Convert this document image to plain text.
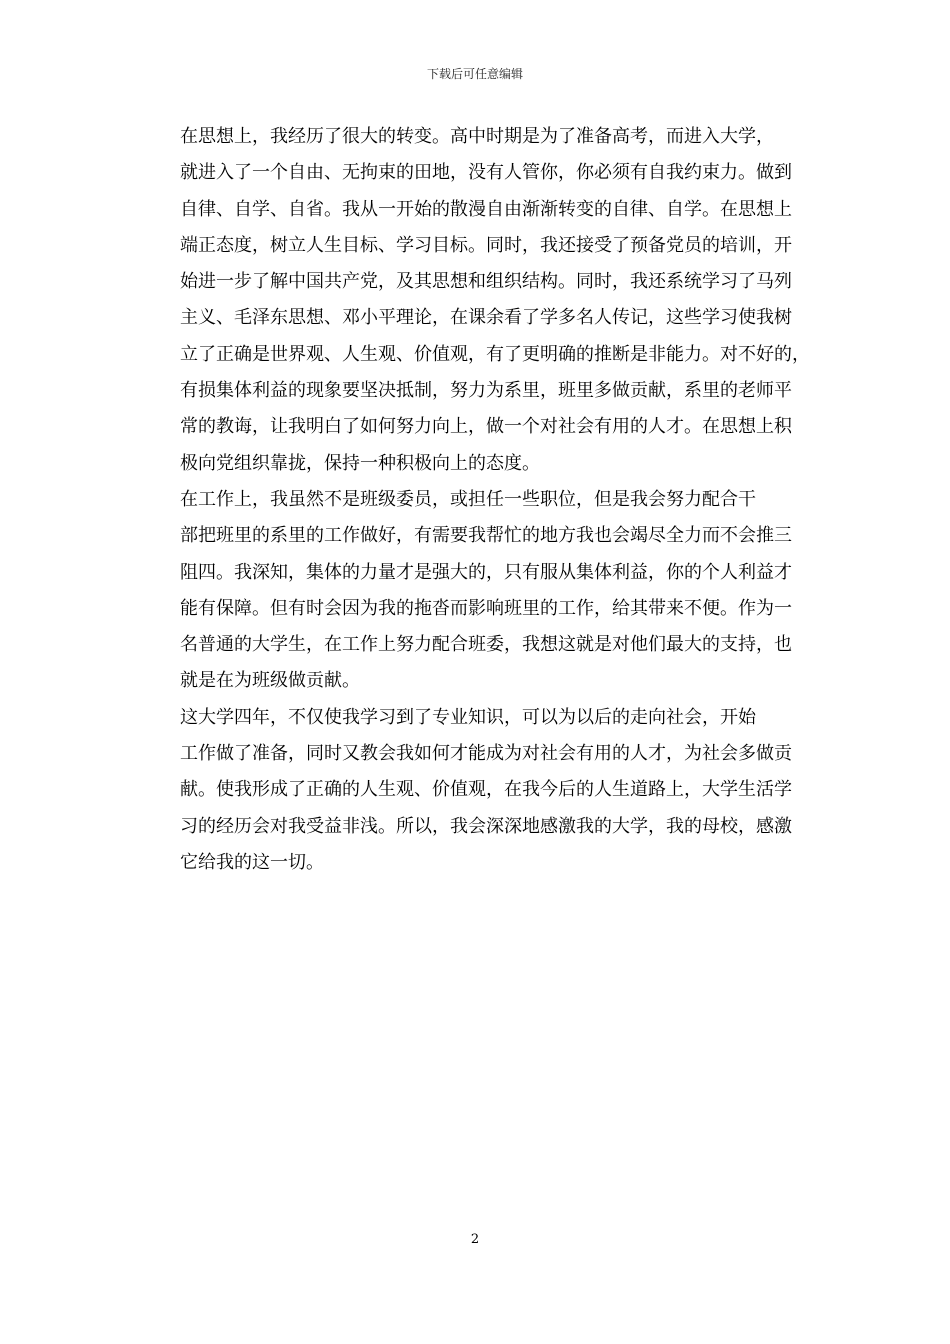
下载后可任意编辑

在思想上，我经历了很大的转变。高中时期是为了准备高考，而进入大学，
就进入了一个自由、无拘束的田地，没有人管你，你必须有自我约束力。做到
自律、自学、自省。我从一开始的散漫自由渐渐转变的自律、自学。在思想上
端正态度，树立人生目标、学习目标。同时，我还接受了预备党员的培训，开
始进一步了解中国共产党，及其思想和组织结构。同时，我还系统学习了马列
主义、毛泽东思想、邓小平理论，在课余看了学多名人传记，这些学习使我树
立了正确是世界观、人生观、价值观，有了更明确的推断是非能力。对不好的，
有损集体利益的现象要坚决抵制，努力为系里，班里多做贡献，系里的老师平
常的教诲，让我明白了如何努力向上，做一个对社会有用的人才。在思想上积
极向党组织靠拢，保持一种积极向上的态度。

在工作上，我虽然不是班级委员，或担任一些职位，但是我会努力配合干
部把班里的系里的工作做好，有需要我帮忙的地方我也会竭尽全力而不会推三
阻四。我深知，集体的力量才是强大的，只有服从集体利益，你的个人利益才
能有保障。但有时会因为我的拖沓而影响班里的工作，给其带来不便。作为一
名普通的大学生，在工作上努力配合班委，我想这就是对他们最大的支持，也
就是在为班级做贡献。

这大学四年，不仅使我学习到了专业知识，可以为以后的走向社会，开始
工作做了准备，同时又教会我如何才能成为对社会有用的人才，为社会多做贡
献。使我形成了正确的人生观、价值观，在我今后的人生道路上，大学生活学
习的经历会对我受益非浅。所以，我会深深地感激我的大学，我的母校，感激
它给我的这一切。

2
